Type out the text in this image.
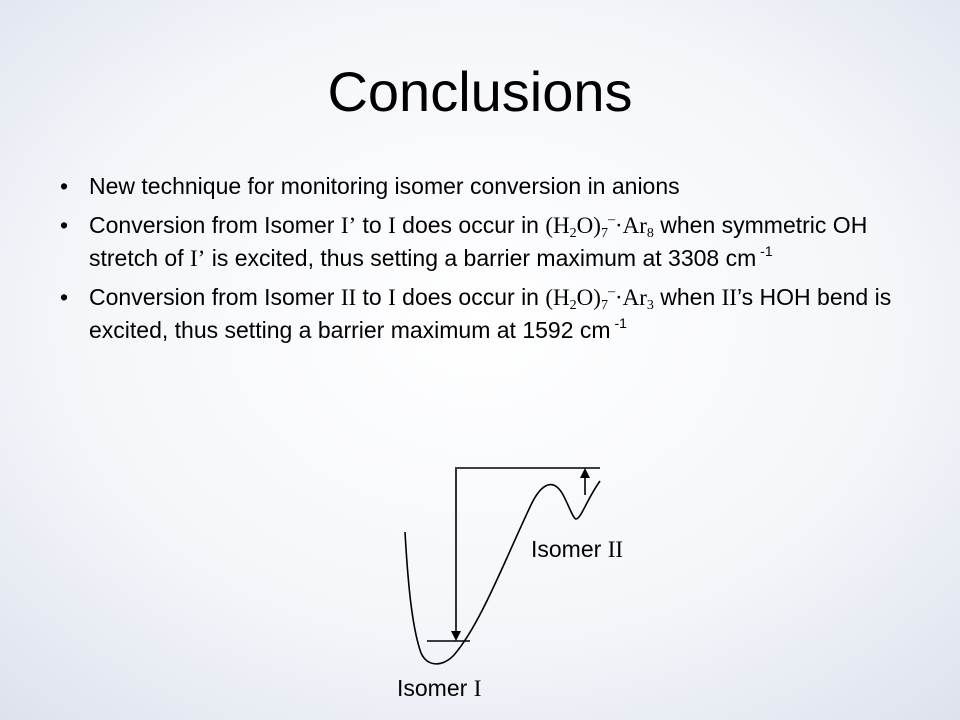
Conclusions
• New technique for monitoring isomer conversion in anions
• Conversion from Isomer I’ to I does occur in $(H_2O)_7^-\cdot Ar_8$ when symmetric OH stretch of I’ is excited, thus setting a barrier maximum at 3308 cm $^{-1}$
• Conversion from Isomer II to I does occur in $(H_2O)_7^-\cdot Ar_3$ when II’s HOH bend is excited, thus setting a barrier maximum at 1592 cm $^{-1}$
Isomer II
Isomer I
